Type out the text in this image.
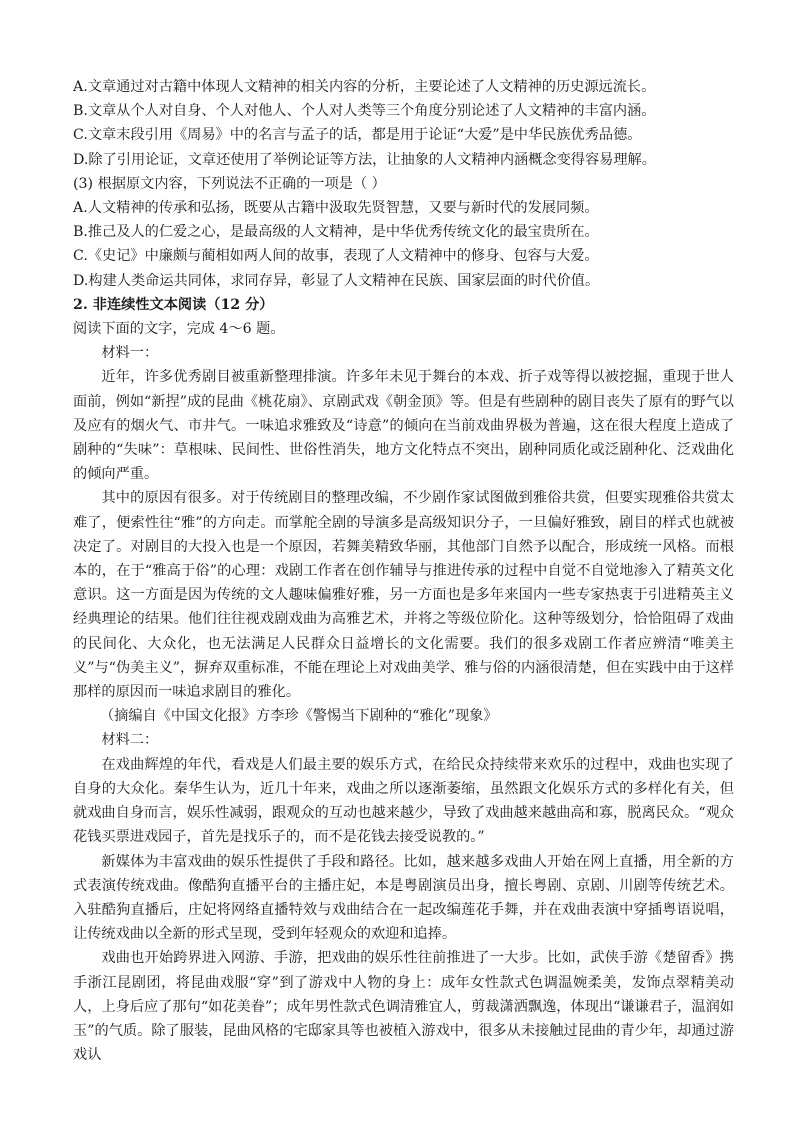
A.文章通过对古籍中体现人文精神的相关内容的分析，主要论述了人文精神的历史源远流长。

B.文章从个人对自身、个人对他人、个人对人类等三个角度分别论述了人文精神的丰富内涵。

C.文章末段引用《周易》中的名言与孟子的话，都是用于论证“大爱”是中华民族优秀品德。

D.除了引用论证，文章还使用了举例论证等方法，让抽象的人文精神内涵概念变得容易理解。

(3) 根据原文内容，下列说法不正确的一项是（ ）

A.人文精神的传承和弘扬，既要从古籍中汲取先贤智慧，又要与新时代的发展同频。

B.推己及人的仁爱之心，是最高级的人文精神，是中华优秀传统文化的最宝贵所在。

C.《史记》中廉颇与蔺相如两人间的故事，表现了人文精神中的修身、包容与大爱。

D.构建人类命运共同体，求同存异，彰显了人文精神在民族、国家层面的时代价值。

2. 非连续性文本阅读（12 分）

阅读下面的文字，完成 4～6 题。

材料一：

近年，许多优秀剧目被重新整理排演。许多年未见于舞台的本戏、折子戏等得以被挖掘，重现于世人面前，例如“新捏”成的昆曲《桃花扇》、京剧武戏《朝金顶》等。但是有些剧种的剧目丧失了原有的野气以及应有的烟火气、市井气。一味追求雅致及“诗意”的倾向在当前戏曲界极为普遍，这在很大程度上造成了剧种的“失味”：草根味、民间性、世俗性消失，地方文化特点不突出，剧种同质化或泛剧种化、泛戏曲化的倾向严重。

其中的原因有很多。对于传统剧目的整理改编，不少剧作家试图做到雅俗共赏，但要实现雅俗共赏太难了，便索性往“雅”的方向走。而掌舵全剧的导演多是高级知识分子，一旦偏好雅致，剧目的样式也就被决定了。对剧目的大投入也是一个原因，若舞美精致华丽，其他部门自然予以配合，形成统一风格。而根本的，在于“雅高于俗”的心理：戏剧工作者在创作辅导与推进传承的过程中自觉不自觉地渗入了精英文化意识。这一方面是因为传统的文人趣味偏雅好雅，另一方面也是多年来国内一些专家热衷于引进精英主义经典理论的结果。他们往往视戏剧戏曲为高雅艺术，并将之等级位阶化。这种等级划分，恰恰阻碍了戏曲的民间化、大众化，也无法满足人民群众日益增长的文化需要。我们的很多戏剧工作者应辨清“唯美主义”与“伪美主义”，摒弃双重标准，不能在理论上对戏曲美学、雅与俗的内涵很清楚，但在实践中由于这样那样的原因而一味追求剧目的雅化。

（摘编自《中国文化报》方李珍《警惕当下剧种的“雅化”现象》

材料二：

在戏曲辉煌的年代，看戏是人们最主要的娱乐方式，在给民众持续带来欢乐的过程中，戏曲也实现了自身的大众化。秦华生认为，近几十年来，戏曲之所以逐渐萎缩，虽然跟文化娱乐方式的多样化有关，但就戏曲自身而言，娱乐性减弱，跟观众的互动也越来越少，导致了戏曲越来越曲高和寡，脱离民众。“观众花钱买票进戏园子，首先是找乐子的，而不是花钱去接受说教的。”

新媒体为丰富戏曲的娱乐性提供了手段和路径。比如，越来越多戏曲人开始在网上直播，用全新的方式表演传统戏曲。像酷狗直播平台的主播庄妃，本是粤剧演员出身，擅长粤剧、京剧、川剧等传统艺术。入驻酷狗直播后，庄妃将网络直播特效与戏曲结合在一起改编莲花手舞，并在戏曲表演中穿插粤语说唱，让传统戏曲以全新的形式呈现，受到年轻观众的欢迎和追捧。

戏曲也开始跨界进入网游、手游，把戏曲的娱乐性往前推进了一大步。比如，武侠手游《楚留香》携手浙江昆剧团，将昆曲戏服“穿”到了游戏中人物的身上：成年女性款式色调温婉柔美，发饰点翠精美动人，上身后应了那句“如花美眷”；成年男性款式色调清雅宜人，剪裁潇洒飘逸，体现出“谦谦君子，温润如玉”的气质。除了服装，昆曲风格的宅邸家具等也被植入游戏中，很多从未接触过昆曲的青少年，却通过游戏认
